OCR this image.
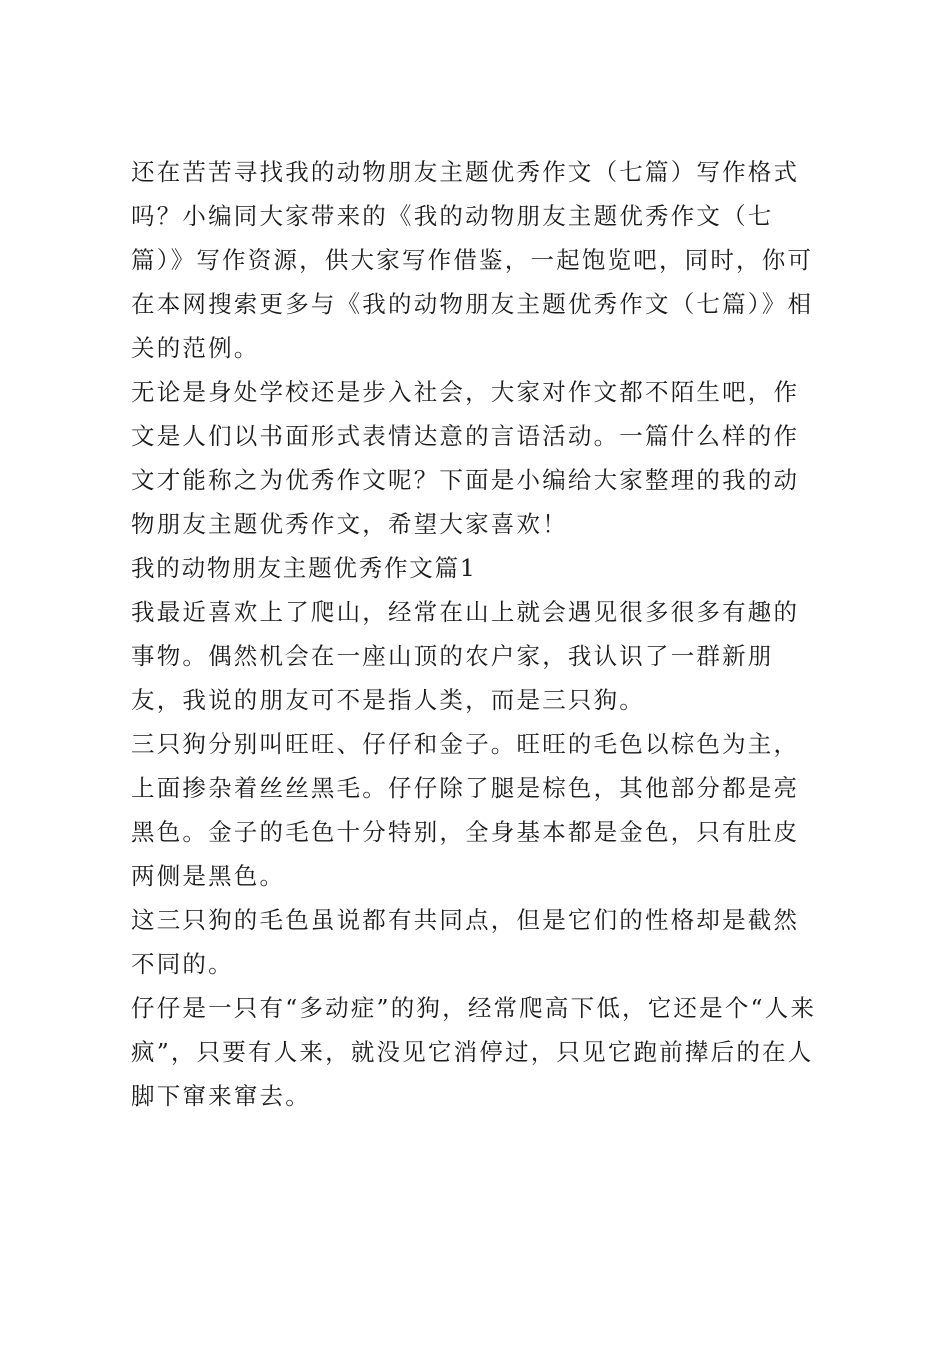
还在苦苦寻找我的动物朋友主题优秀作文（七篇）写作格式吗？小编同大家带来的《我的动物朋友主题优秀作文（七篇）》写作资源，供大家写作借鉴，一起饱览吧，同时，你可在本网搜索更多与《我的动物朋友主题优秀作文（七篇）》相关的范例。

无论是身处学校还是步入社会，大家对作文都不陌生吧，作文是人们以书面形式表情达意的言语活动。一篇什么样的作文才能称之为优秀作文呢？下面是小编给大家整理的我的动物朋友主题优秀作文，希望大家喜欢！

我的动物朋友主题优秀作文篇1

我最近喜欢上了爬山，经常在山上就会遇见很多很多有趣的事物。偶然机会在一座山顶的农户家，我认识了一群新朋友，我说的朋友可不是指人类，而是三只狗。

三只狗分别叫旺旺、仔仔和金子。旺旺的毛色以棕色为主，上面掺杂着丝丝黑毛。仔仔除了腿是棕色，其他部分都是亮黑色。金子的毛色十分特别，全身基本都是金色，只有肚皮两侧是黑色。

这三只狗的毛色虽说都有共同点，但是它们的性格却是截然不同的。

仔仔是一只有“多动症”的狗，经常爬高下低，它还是个“人来疯”，只要有人来，就没见它消停过，只见它跑前撵后的在人脚下窜来窜去。
